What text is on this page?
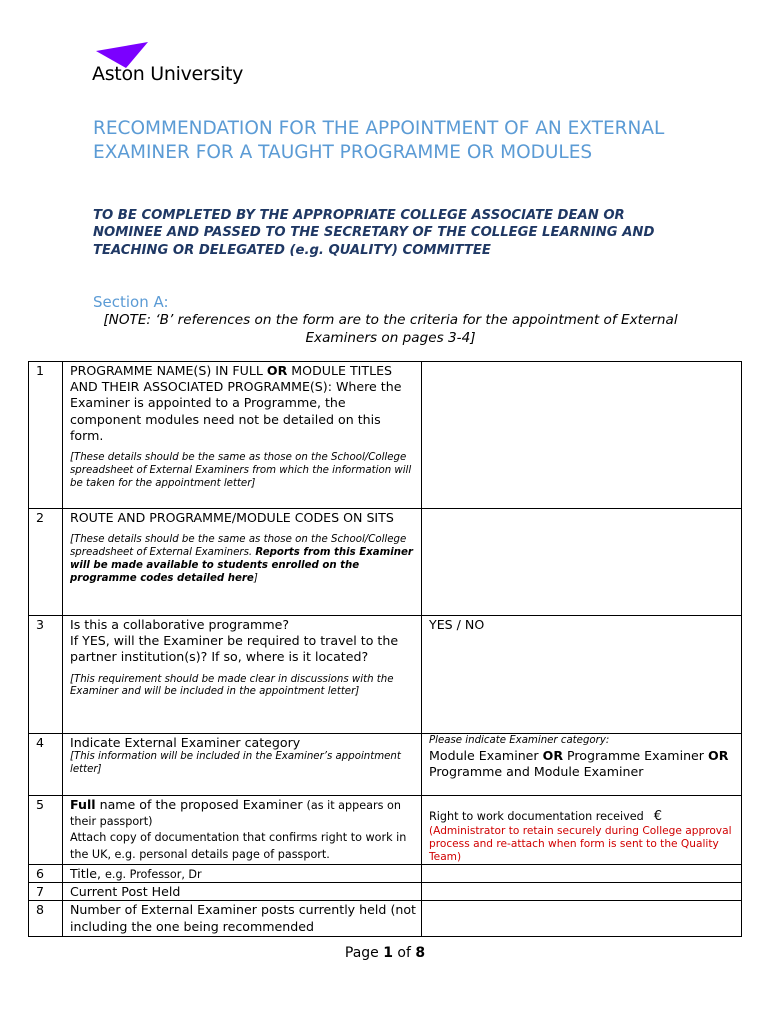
Aston University
RECOMMENDATION FOR THE APPOINTMENT OF AN EXTERNAL EXAMINER FOR A TAUGHT PROGRAMME OR MODULES
TO BE COMPLETED BY THE APPROPRIATE COLLEGE ASSOCIATE DEAN OR NOMINEE AND PASSED TO THE SECRETARY OF THE COLLEGE LEARNING AND TEACHING OR DELEGATED (e.g. QUALITY) COMMITTEE
Section A:
[NOTE: ‘B’ references on the form are to the criteria for the appointment of External Examiners on pages 3-4]
1	PROGRAMME NAME(S) IN FULL OR MODULE TITLES AND THEIR ASSOCIATED PROGRAMME(S): Where the Examiner is appointed to a Programme, the component modules need not be detailed on this form.
[These details should be the same as those on the School/College spreadsheet of External Examiners from which the information will be taken for the appointment letter]	

2	ROUTE AND PROGRAMME/MODULE CODES ON SITS
[These details should be the same as those on the School/College spreadsheet of External Examiners. Reports from this Examiner will be made available to students enrolled on the programme codes detailed here]	

3	Is this a collaborative programme?
If YES, will the Examiner be required to travel to the partner institution(s)? If so, where is it located?
[This requirement should be made clear in discussions with the Examiner and will be included in the appointment letter]	YES / NO
4	Indicate External Examiner category
[This information will be included in the Examiner’s appointment letter]	Please indicate Examiner category:
Module Examiner OR Programme Examiner OR Programme and Module Examiner
5	Full name of the proposed Examiner (as it appears on their passport)
Attach copy of documentation that confirms right to work in the UK, e.g. personal details page of passport.	Right to work documentation received €
(Administrator to retain securely during College approval process and re-attach when form is sent to the Quality Team)

6	Title, e.g. Professor, Dr	
7	Current Post Held	
8	Number of External Examiner posts currently held (not including the one being recommended	
Page 1 of 8
